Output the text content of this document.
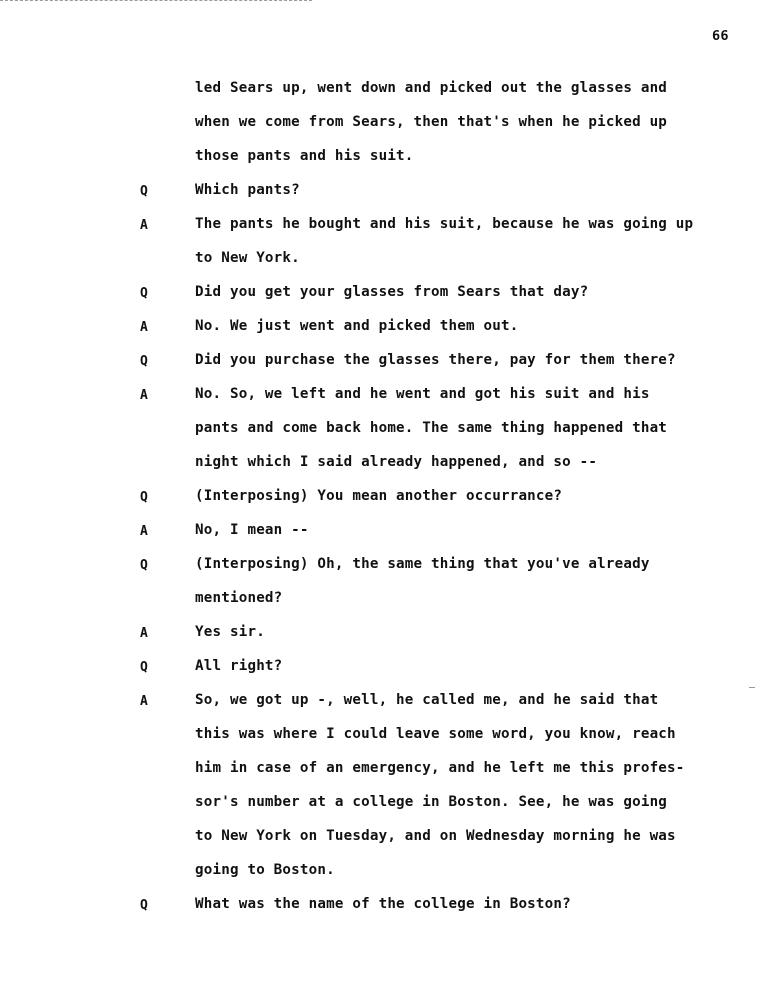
66
led Sears up, went down and picked out the glasses and
when we come from Sears, then that's when he picked up
those pants and his suit.
Q	Which pants?
A	The pants he bought and his suit, because he was going up
to New York.
Q	Did you get your glasses from Sears that day?
A	No. We just went and picked them out.
Q	Did you purchase the glasses there, pay for them there?
A	No. So, we left and he went and got his suit and his
pants and come back home. The same thing happened that
night which I said already happened, and so --
Q	(Interposing) You mean another occurrance?
A	No, I mean --
Q	(Interposing) Oh, the same thing that you've already
mentioned?
A	Yes sir.
Q	All right?
A	So, we got up -, well, he called me, and he said that
this was where I could leave some word, you know, reach
him in case of an emergency, and he left me this profes-
sor's number at a college in Boston. See, he was going
to New York on Tuesday, and on Wednesday morning he was
going to Boston.
Q	What was the name of the college in Boston?
